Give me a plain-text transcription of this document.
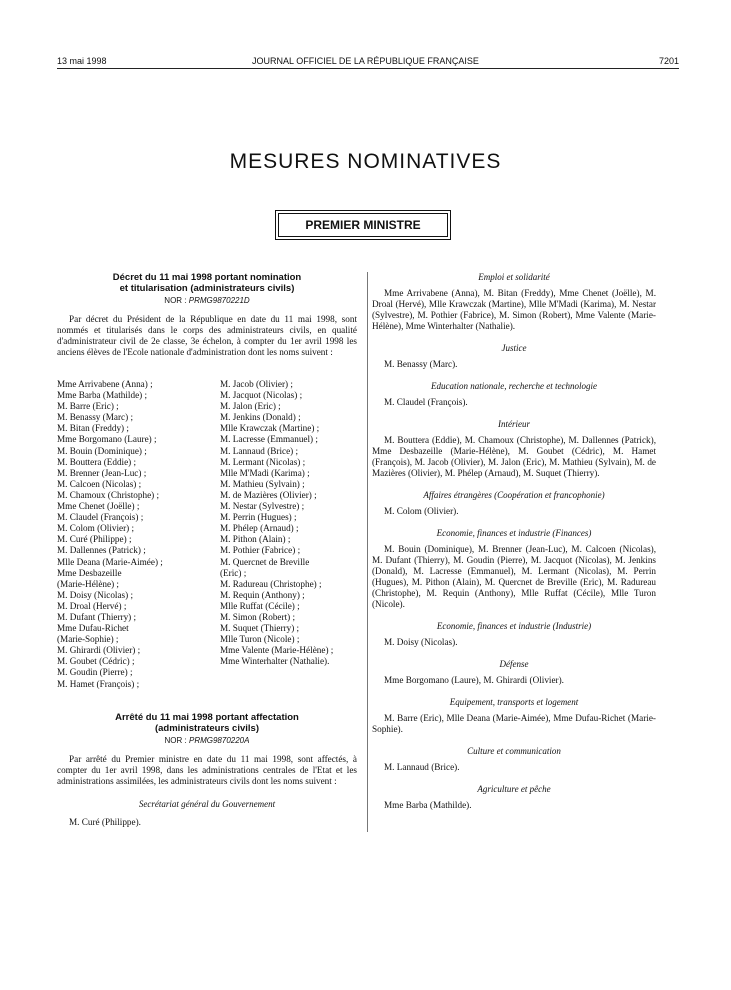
13 mai 1998	JOURNAL OFFICIEL DE LA RÉPUBLIQUE FRANÇAISE	7201
MESURES NOMINATIVES
PREMIER MINISTRE
Décret du 11 mai 1998 portant nomination
et titularisation (administrateurs civils)
NOR : PRMG9870221D

Par décret du Président de la République en date du 11 mai 1998, sont nommés et titularisés dans le corps des administrateurs civils, en qualité d'administrateur civil de 2e classe, 3e échelon, à compter du 1er avril 1998 les anciens élèves de l'Ecole nationale d'administration dont les noms suivent :

Mme Arrivabene (Anna) ;
Mme Barba (Mathilde) ;
M. Barre (Eric) ;
M. Benassy (Marc) ;
M. Bitan (Freddy) ;
Mme Borgomano (Laure) ;
M. Bouin (Dominique) ;
M. Bouttera (Eddie) ;
M. Brenner (Jean-Luc) ;
M. Calcoen (Nicolas) ;
M. Chamoux (Christophe) ;
Mme Chenet (Joëlle) ;
M. Claudel (François) ;
M. Colom (Olivier) ;
M. Curé (Philippe) ;
M. Dallennes (Patrick) ;
Mlle Deana (Marie-Aimée) ;
Mme Desbazeille
(Marie-Hélène) ;
M. Doisy (Nicolas) ;
M. Droal (Hervé) ;
M. Dufant (Thierry) ;
Mme Dufau-Richet
(Marie-Sophie) ;
M. Ghirardi (Olivier) ;
M. Goubet (Cédric) ;
M. Goudin (Pierre) ;
M. Hamet (François) ;
M. Jacob (Olivier) ;
M. Jacquot (Nicolas) ;
M. Jalon (Eric) ;
M. Jenkins (Donald) ;
Mlle Krawczak (Martine) ;
M. Lacresse (Emmanuel) ;
M. Lannaud (Brice) ;
M. Lermant (Nicolas) ;
Mlle M'Madi (Karima) ;
M. Mathieu (Sylvain) ;
M. de Mazières (Olivier) ;
M. Nestar (Sylvestre) ;
M. Perrin (Hugues) ;
M. Phélep (Arnaud) ;
M. Pithon (Alain) ;
M. Pothier (Fabrice) ;
M. Quercnet de Breville
(Eric) ;
M. Radureau (Christophe) ;
M. Requin (Anthony) ;
Mlle Ruffat (Cécile) ;
M. Simon (Robert) ;
M. Suquet (Thierry) ;
Mlle Turon (Nicole) ;
Mme Valente (Marie-Hélène) ;
Mme Winterhalter (Nathalie).
Arrêté du 11 mai 1998 portant affectation
(administrateurs civils)
NOR : PRMG9870220A

Par arrêté du Premier ministre en date du 11 mai 1998, sont affectés, à compter du 1er avril 1998, dans les administrations centrales de l'Etat et les administrations assimilées, les administrateurs civils dont les noms suivent :

Secrétariat général du Gouvernement

M. Curé (Philippe).

Emploi et solidarité

Mme Arrivabene (Anna), M. Bitan (Freddy), Mme Chenet (Joëlle), M. Droal (Hervé), Mlle Krawczak (Martine), Mlle M'Madi (Karima), M. Nestar (Sylvestre), M. Pothier (Fabrice), M. Simon (Robert), Mme Valente (Marie-Hélène), Mme Winterhalter (Nathalie).

Justice

M. Benassy (Marc).

Education nationale, recherche et technologie

M. Claudel (François).

Intérieur

M. Bouttera (Eddie), M. Chamoux (Christophe), M. Dallennes (Patrick), Mme Desbazeille (Marie-Hélène), M. Goubet (Cédric), M. Hamet (François), M. Jacob (Olivier), M. Jalon (Eric), M. Mathieu (Sylvain), M. de Mazières (Olivier), M. Phélep (Arnaud), M. Suquet (Thierry).

Affaires étrangères (Coopération et francophonie)

M. Colom (Olivier).

Economie, finances et industrie (Finances)

M. Bouin (Dominique), M. Brenner (Jean-Luc), M. Calcoen (Nicolas), M. Dufant (Thierry), M. Goudin (Pierre), M. Jacquot (Nicolas), M. Jenkins (Donald), M. Lacresse (Emmanuel), M. Lermant (Nicolas), M. Perrin (Hugues), M. Pithon (Alain), M. Quercnet de Breville (Eric), M. Radureau (Christophe), M. Requin (Anthony), Mlle Ruffat (Cécile), Mlle Turon (Nicole).

Economie, finances et industrie (Industrie)

M. Doisy (Nicolas).

Défense

Mme Borgomano (Laure), M. Ghirardi (Olivier).

Equipement, transports et logement

M. Barre (Eric), Mlle Deana (Marie-Aimée), Mme Dufau-Richet (Marie-Sophie).

Culture et communication

M. Lannaud (Brice).

Agriculture et pêche

Mme Barba (Mathilde).
